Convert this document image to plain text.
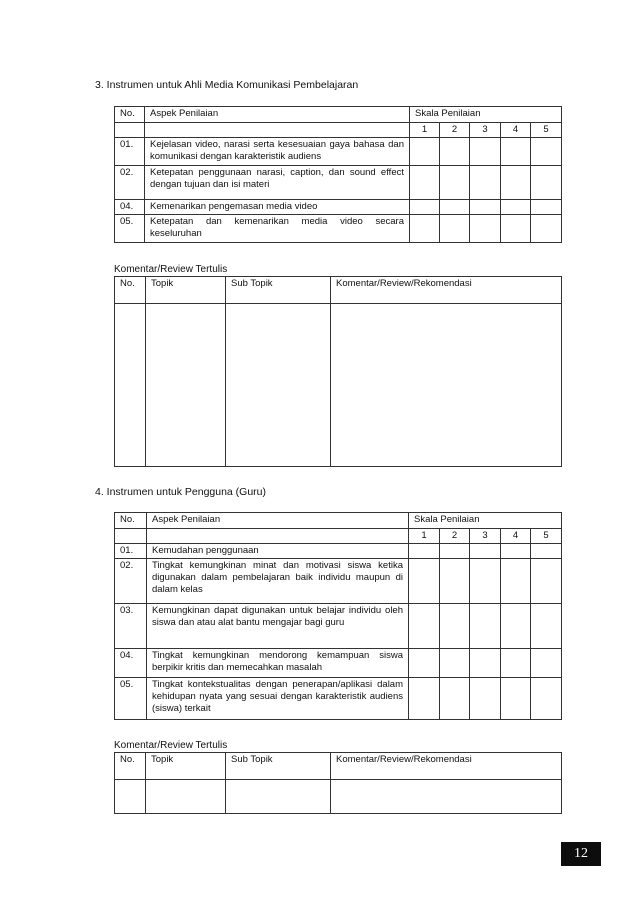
3. Instrumen untuk Ahli Media Komunikasi Pembelajaran
No.	Aspek Penilaian	Skala Penilaian				
		1	2	3	4	5
01.	Kejelasan video, narasi serta kesesuaian gaya bahasa dan komunikasi dengan karakteristik audiens					
02.	Ketepatan penggunaan narasi, caption, dan sound effect dengan tujuan dan isi materi					
04.	Kemenarikan pengemasan media video					
05.	Ketepatan dan kemenarikan media video secara keseluruhan					
Komentar/Review Tertulis
No.	Topik	Sub Topik	Komentar/Review/Rekomendasi

4. Instrumen untuk Pengguna (Guru)
No.	Aspek Penilaian	Skala Penilaian				
		1	2	3	4	5
01.	Kemudahan penggunaan					
02.	Tingkat kemungkinan minat dan motivasi siswa ketika digunakan dalam pembelajaran baik individu maupun di dalam kelas					
03.	Kemungkinan dapat digunakan untuk belajar individu oleh siswa dan atau alat bantu mengajar bagi guru					
04.	Tingkat kemungkinan mendorong kemampuan siswa berpikir kritis dan memecahkan masalah					
05.	Tingkat kontekstualitas dengan penerapan/aplikasi dalam kehidupan nyata yang sesuai dengan karakteristik audiens (siswa) terkait					
Komentar/Review Tertulis
No.	Topik	Sub Topik	Komentar/Review/Rekomendasi

12
